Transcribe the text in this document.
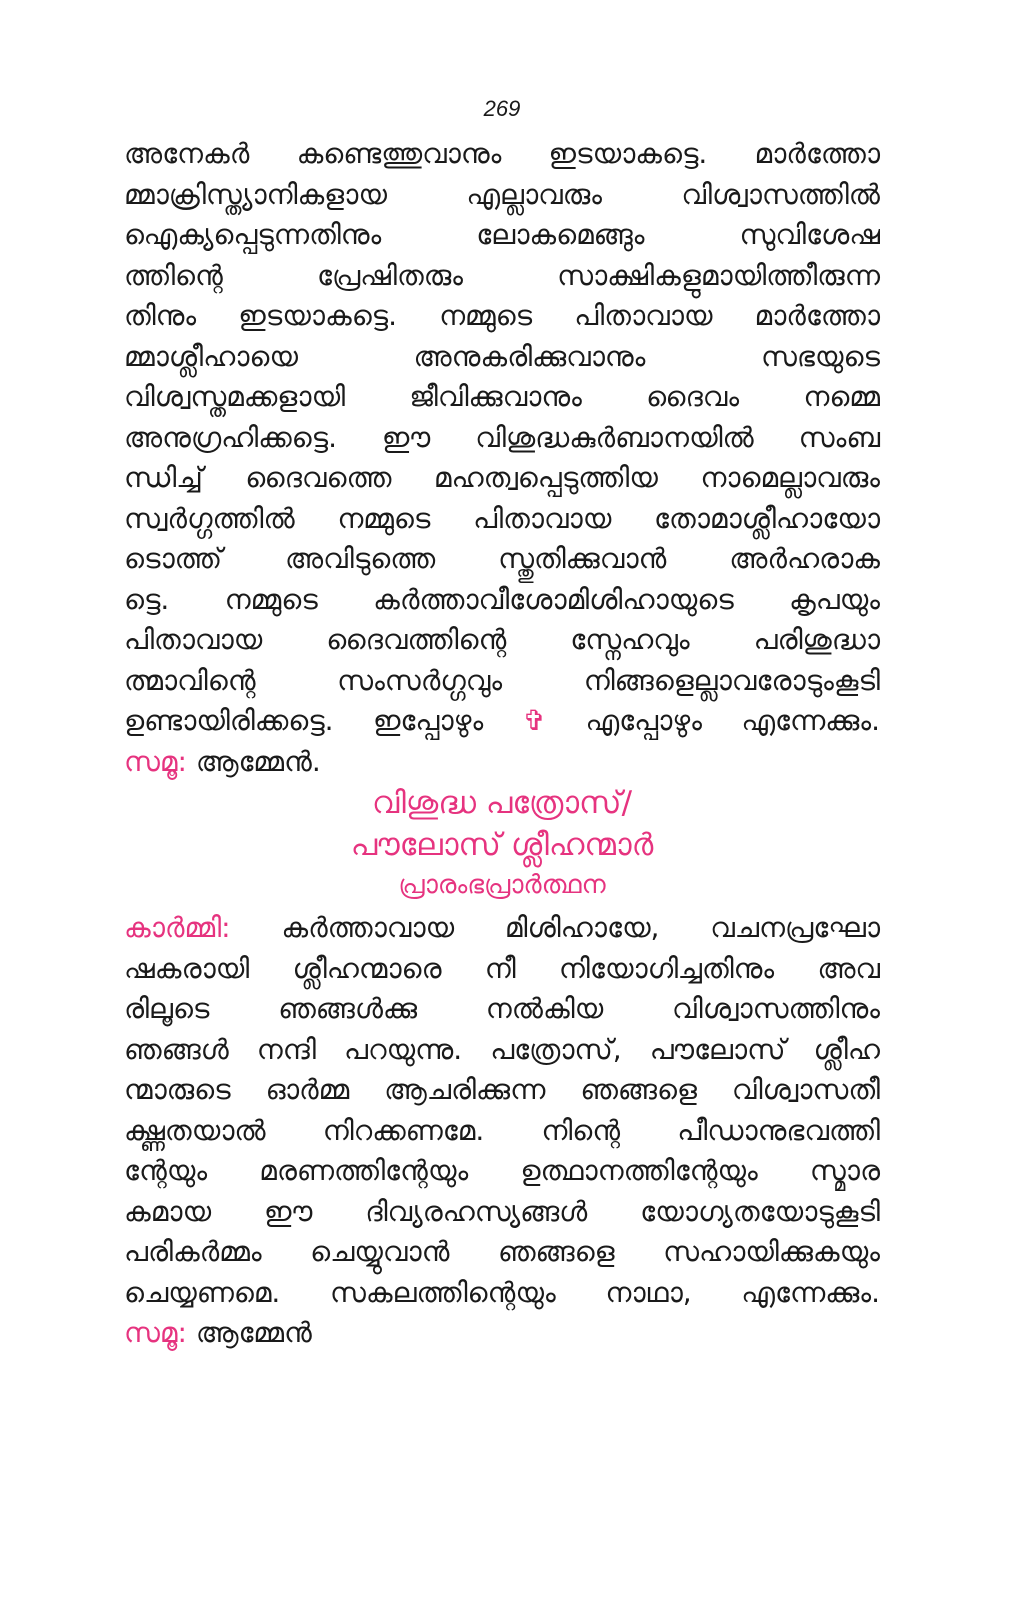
269
അനേകർ കണ്ടെത്തുവാനും ഇടയാകട്ടെ. മാർത്തോ
മ്മാക്രിസ്ത്യാനികളായ എല്ലാവരും വിശ്വാസത്തിൽ
ഐക്യപ്പെടുന്നതിനും ലോകമെങ്ങും സുവിശേഷ
ത്തിന്റെ പ്രേഷിതരും സാക്ഷികളുമായിത്തീരുന്ന
തിനും ഇടയാകട്ടെ. നമ്മുടെ പിതാവായ മാർത്തോ
മ്മാശ്ലീഹായെ അനുകരിക്കുവാനും സഭയുടെ
വിശ്വസ്തമക്കളായി ജീവിക്കുവാനും ദൈവം നമ്മെ
അനുഗ്രഹിക്കട്ടെ. ഈ വിശുദ്ധകുർബാനയിൽ സംബ
ന്ധിച്ച് ദൈവത്തെ മഹത്വപ്പെടുത്തിയ നാമെല്ലാവരും
സ്വർഗ്ഗത്തിൽ നമ്മുടെ പിതാവായ തോമാശ്ലീഹായോ
ടൊത്ത് അവിടുത്തെ സ്തുതിക്കുവാൻ അർഹരാക
ട്ടെ. നമ്മുടെ കർത്താവീശോമിശിഹായുടെ കൃപയും
പിതാവായ ദൈവത്തിന്റെ സ്നേഹവും പരിശുദ്ധാ
ത്മാവിന്റെ സംസർഗ്ഗവും നിങ്ങളെല്ലാവരോടുംകൂടി
ഉണ്ടായിരിക്കട്ടെ. ഇപ്പോഴും ✞ എപ്പോഴും എന്നേക്കും.
സമൂ: ആമ്മേൻ.
വിശുദ്ധ പത്രോസ്/
പൗലോസ് ശ്ലീഹന്മാർ
പ്രാരംഭപ്രാർത്ഥന
കാർമ്മി: കർത്താവായ മിശിഹായേ, വചനപ്രഘോ
ഷകരായി ശ്ലീഹന്മാരെ നീ നിയോഗിച്ചതിനും അവ
രിലൂടെ ഞങ്ങൾക്കു നൽകിയ വിശ്വാസത്തിനും
ഞങ്ങൾ നന്ദി പറയുന്നു. പത്രോസ്, പൗലോസ് ശ്ലീഹ
ന്മാരുടെ ഓർമ്മ ആചരിക്കുന്ന ഞങ്ങളെ വിശ്വാസതീ
ക്ഷ്ണതയാൽ നിറക്കണമേ. നിന്റെ പീഡാനുഭവത്തി
ന്റേയും മരണത്തിന്റേയും ഉത്ഥാനത്തിന്റേയും സ്മാര
കമായ ഈ ദിവ്യരഹസ്യങ്ങൾ യോഗ്യതയോടുകൂടി
പരികർമ്മം ചെയ്യുവാൻ ഞങ്ങളെ സഹായിക്കുകയും
ചെയ്യണമെ. സകലത്തിന്റെയും നാഥാ, എന്നേക്കും.
സമൂ: ആമ്മേൻ
